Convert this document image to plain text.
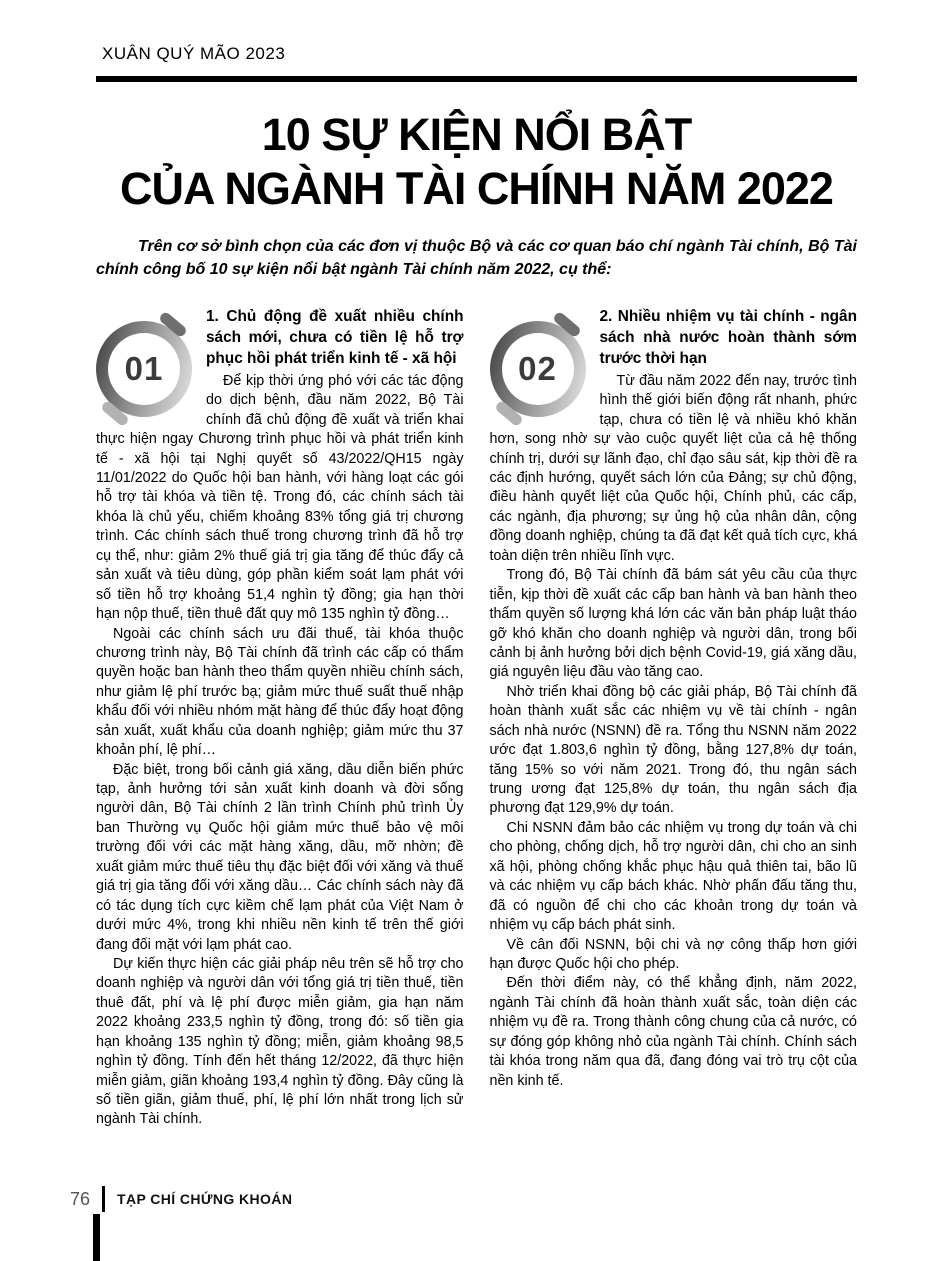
XUÂN QUÝ MÃO 2023
10 SỰ KIỆN NỔI BẬT
CỦA NGÀNH TÀI CHÍNH NĂM 2022

Trên cơ sở bình chọn của các đơn vị thuộc Bộ và các cơ quan báo chí ngành Tài chính, Bộ Tài chính công bố 10 sự kiện nổi bật ngành Tài chính năm 2022, cụ thể:

01
1. Chủ động đề xuất nhiều chính sách mới, chưa có tiền lệ hỗ trợ phục hồi phát triển kinh tế - xã hội

Để kịp thời ứng phó với các tác động do dịch bệnh, đầu năm 2022, Bộ Tài chính đã chủ động đề xuất và triển khai thực hiện ngay Chương trình phục hồi và phát triển kinh tế - xã hội tại Nghị quyết số 43/2022/QH15 ngày 11/01/2022 do Quốc hội ban hành, với hàng loạt các gói hỗ trợ tài khóa và tiền tệ. Trong đó, các chính sách tài khóa là chủ yếu, chiếm khoảng 83% tổng giá trị chương trình. Các chính sách thuế trong chương trình đã hỗ trợ cụ thể, như: giảm 2% thuế giá trị gia tăng để thúc đẩy cả sản xuất và tiêu dùng, góp phần kiểm soát lạm phát với số tiền hỗ trợ khoảng 51,4 nghìn tỷ đồng; gia hạn thời hạn nộp thuế, tiền thuê đất quy mô 135 nghìn tỷ đồng…

Ngoài các chính sách ưu đãi thuế, tài khóa thuộc chương trình này, Bộ Tài chính đã trình các cấp có thẩm quyền hoặc ban hành theo thẩm quyền nhiều chính sách, như giảm lệ phí trước bạ; giảm mức thuế suất thuế nhập khẩu đối với nhiều nhóm mặt hàng để thúc đẩy hoạt động sản xuất, xuất khẩu của doanh nghiệp; giảm mức thu 37 khoản phí, lệ phí…

Đặc biệt, trong bối cảnh giá xăng, dầu diễn biến phức tạp, ảnh hưởng tới sản xuất kinh doanh và đời sống người dân, Bộ Tài chính 2 lần trình Chính phủ trình Ủy ban Thường vụ Quốc hội giảm mức thuế bảo vệ môi trường đối với các mặt hàng xăng, dầu, mỡ nhờn; đề xuất giảm mức thuế tiêu thụ đặc biệt đối với xăng và thuế giá trị gia tăng đối với xăng dầu… Các chính sách này đã có tác dụng tích cực kiềm chế lạm phát của Việt Nam ở dưới mức 4%, trong khi nhiều nền kinh tế trên thế giới đang đối mặt với lạm phát cao.

Dự kiến thực hiện các giải pháp nêu trên sẽ hỗ trợ cho doanh nghiệp và người dân với tổng giá trị tiền thuế, tiền thuê đất, phí và lệ phí được miễn giảm, gia hạn năm 2022 khoảng 233,5 nghìn tỷ đồng, trong đó: số tiền gia hạn khoảng 135 nghìn tỷ đồng; miễn, giảm khoảng 98,5 nghìn tỷ đồng. Tính đến hết tháng 12/2022, đã thực hiện miễn giảm, giãn khoảng 193,4 nghìn tỷ đồng. Đây cũng là số tiền giãn, giảm thuế, phí, lệ phí lớn nhất trong lịch sử ngành Tài chính.

02
2. Nhiều nhiệm vụ tài chính - ngân sách nhà nước hoàn thành sớm trước thời hạn

Từ đầu năm 2022 đến nay, trước tình hình thế giới biến động rất nhanh, phức tạp, chưa có tiền lệ và nhiều khó khăn hơn, song nhờ sự vào cuộc quyết liệt của cả hệ thống chính trị, dưới sự lãnh đạo, chỉ đạo sâu sát, kịp thời đề ra các định hướng, quyết sách lớn của Đảng; sự chủ động, điều hành quyết liệt của Quốc hội, Chính phủ, các cấp, các ngành, địa phương; sự ủng hộ của nhân dân, cộng đồng doanh nghiệp, chúng ta đã đạt kết quả tích cực, khá toàn diện trên nhiều lĩnh vực.

Trong đó, Bộ Tài chính đã bám sát yêu cầu của thực tiễn, kịp thời đề xuất các cấp ban hành và ban hành theo thẩm quyền số lượng khá lớn các văn bản pháp luật tháo gỡ khó khăn cho doanh nghiệp và người dân, trong bối cảnh bị ảnh hưởng bởi dịch bệnh Covid-19, giá xăng dầu, giá nguyên liệu đầu vào tăng cao.

Nhờ triển khai đồng bộ các giải pháp, Bộ Tài chính đã hoàn thành xuất sắc các nhiệm vụ về tài chính - ngân sách nhà nước (NSNN) đề ra. Tổng thu NSNN năm 2022 ước đạt 1.803,6 nghìn tỷ đồng, bằng 127,8% dự toán, tăng 15% so với năm 2021. Trong đó, thu ngân sách trung ương đạt 125,8% dự toán, thu ngân sách địa phương đạt 129,9% dự toán.

Chi NSNN đảm bảo các nhiệm vụ trong dự toán và chi cho phòng, chống dịch, hỗ trợ người dân, chi cho an sinh xã hội, phòng chống khắc phục hậu quả thiên tai, bão lũ và các nhiệm vụ cấp bách khác. Nhờ phấn đấu tăng thu, đã có nguồn để chi cho các khoản trong dự toán và nhiệm vụ cấp bách phát sinh.

Về cân đối NSNN, bội chi và nợ công thấp hơn giới hạn được Quốc hội cho phép.

Đến thời điểm này, có thể khẳng định, năm 2022, ngành Tài chính đã hoàn thành xuất sắc, toàn diện các nhiệm vụ đề ra. Trong thành công chung của cả nước, có sự đóng góp không nhỏ của ngành Tài chính. Chính sách tài khóa trong năm qua đã, đang đóng vai trò trụ cột của nền kinh tế.

76 TẠP CHÍ CHỨNG KHOÁN
